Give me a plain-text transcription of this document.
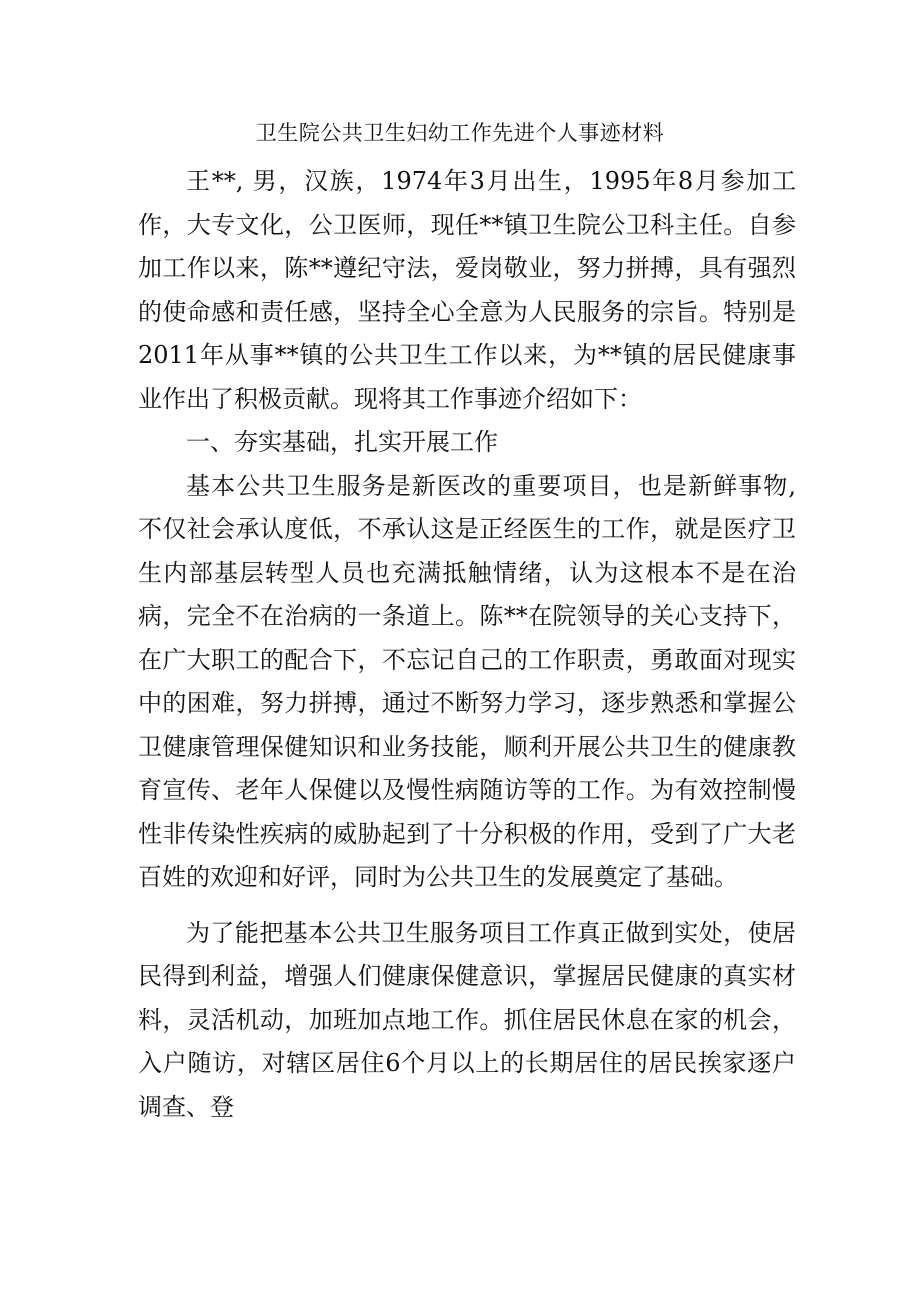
卫生院公共卫生妇幼工作先进个人事迹材料

王**, 男，汉族，1974年3月出生，1995年8月参加工作，大专文化，公卫医师，现任**镇卫生院公卫科主任。自参加工作以来，陈**遵纪守法，爱岗敬业，努力拼搏，具有强烈的使命感和责任感，坚持全心全意为人民服务的宗旨。特别是2011年从事**镇的公共卫生工作以来，为**镇的居民健康事业作出了积极贡献。现将其工作事迹介绍如下：

一、夯实基础，扎实开展工作

基本公共卫生服务是新医改的重要项目，也是新鲜事物, 不仅社会承认度低，不承认这是正经医生的工作，就是医疗卫生内部基层转型人员也充满抵触情绪，认为这根本不是在治病，完全不在治病的一条道上。陈**在院领导的关心支持下，在广大职工的配合下，不忘记自己的工作职责，勇敢面对现实中的困难，努力拼搏，通过不断努力学习，逐步熟悉和掌握公卫健康管理保健知识和业务技能，顺利开展公共卫生的健康教育宣传、老年人保健以及慢性病随访等的工作。为有效控制慢性非传染性疾病的威胁起到了十分积极的作用，受到了广大老百姓的欢迎和好评，同时为公共卫生的发展奠定了基础。

为了能把基本公共卫生服务项目工作真正做到实处，使居民得到利益，增强人们健康保健意识，掌握居民健康的真实材料，灵活机动，加班加点地工作。抓住居民休息在家的机会，入户随访，对辖区居住6个月以上的长期居住的居民挨家逐户调查、登
